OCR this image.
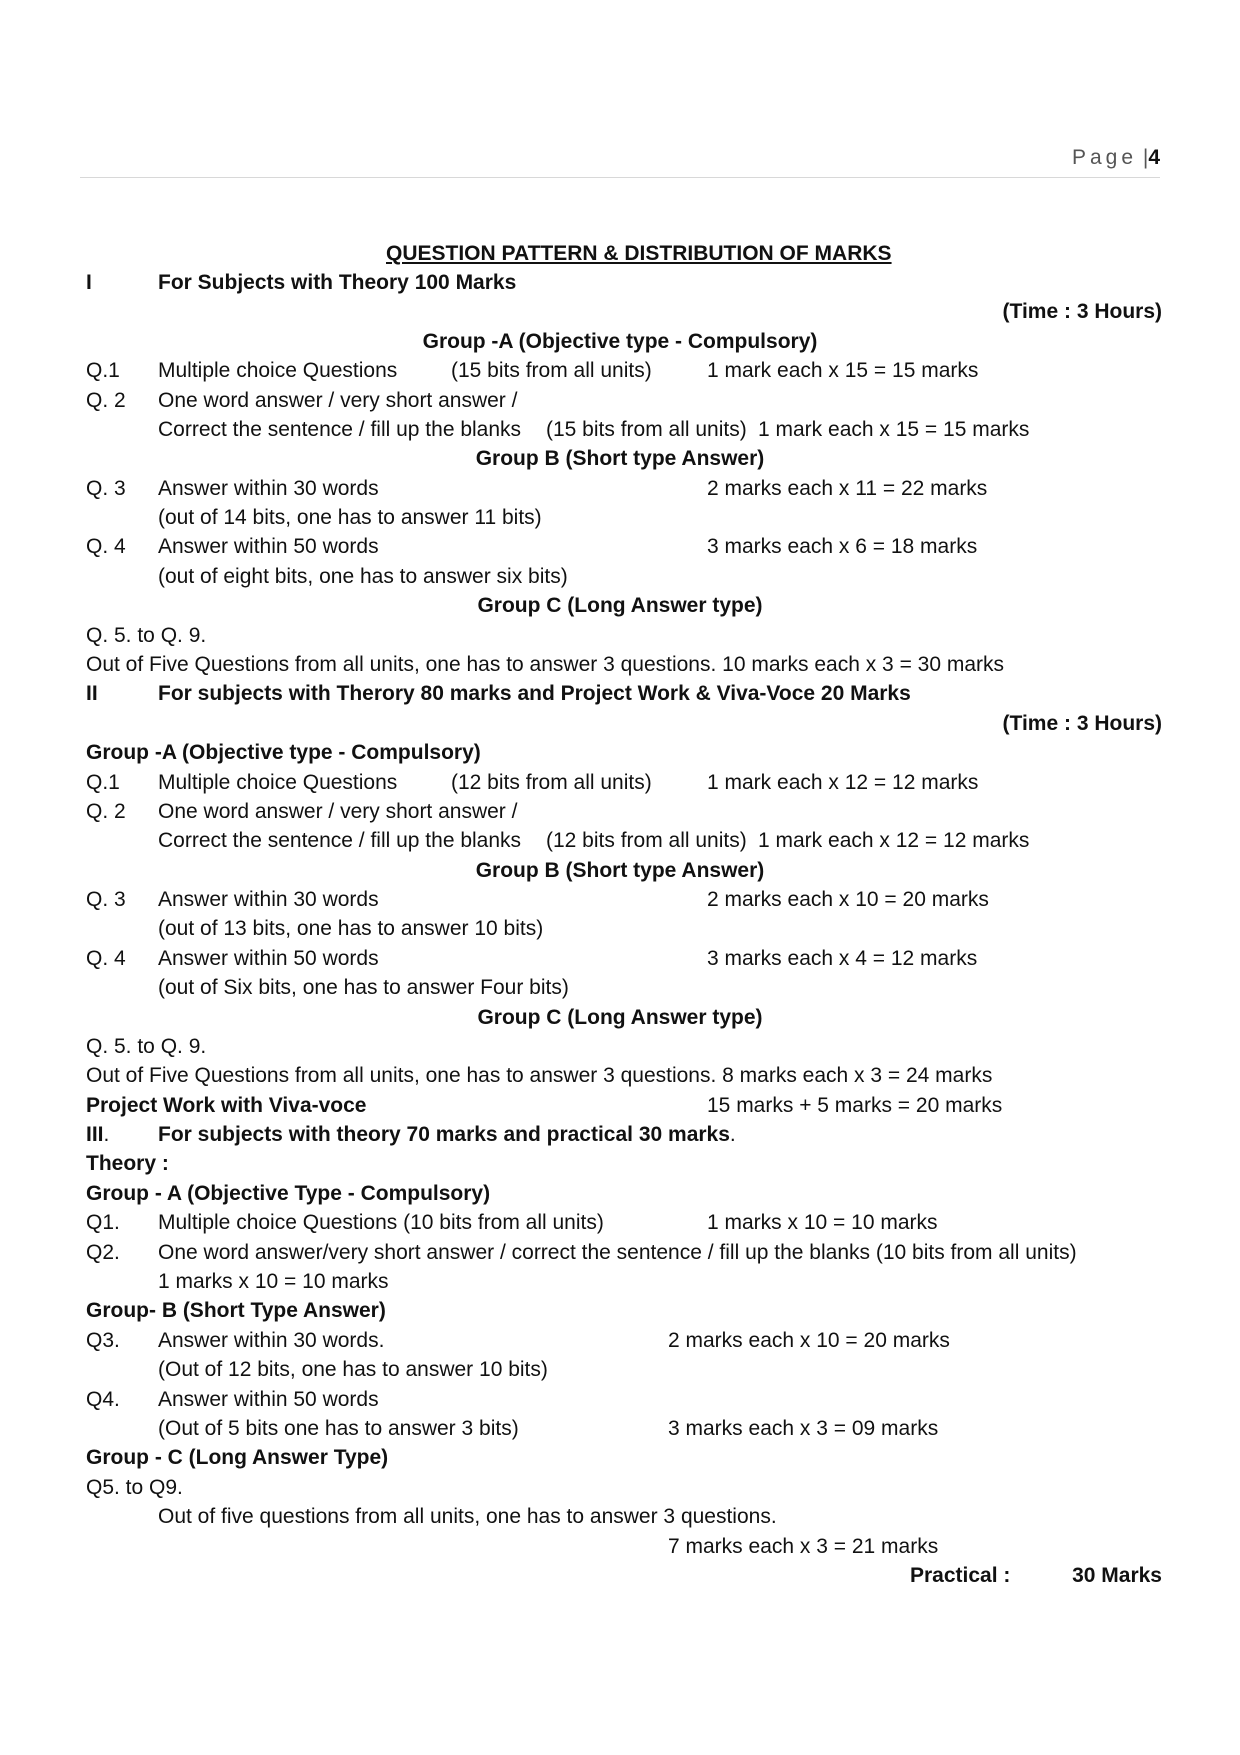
Page |4
QUESTION PATTERN & DISTRIBUTION OF MARKS
I	For Subjects with Theory 100 Marks
(Time : 3 Hours)
Group -A (Objective type - Compulsory)
Q.1 Multiple choice Questions	(15 bits from all units)	1 mark each x 15 = 15 marks
Q. 2 One word answer / very short answer /
Correct the sentence / fill up the blanks (15 bits from all units) 1 mark each x 15 = 15 marks
Group B (Short type Answer)
Q. 3 Answer within 30 words	2 marks each x 11 = 22 marks
(out of 14 bits, one has to answer 11 bits)
Q. 4 Answer within 50 words	3 marks each x 6 = 18 marks
(out of eight bits, one has to answer six bits)
Group C (Long Answer type)
Q. 5. to Q. 9.
Out of Five Questions from all units, one has to answer 3 questions. 10 marks each x 3 = 30 marks
II	For subjects with Therory 80 marks and Project Work & Viva-Voce 20 Marks
(Time : 3 Hours)
Group -A (Objective type - Compulsory)
Q.1 Multiple choice Questions	(12 bits from all units)	1 mark each x 12 = 12 marks
Q. 2 One word answer / very short answer /
Correct the sentence / fill up the blanks (12 bits from all units) 1 mark each x 12 = 12 marks
Group B (Short type Answer)
Q. 3 Answer within 30 words	2 marks each x 10 = 20 marks
(out of 13 bits, one has to answer 10 bits)
Q. 4 Answer within 50 words	3 marks each x 4 = 12 marks
(out of Six bits, one has to answer Four bits)
Group C (Long Answer type)
Q. 5. to Q. 9.
Out of Five Questions from all units, one has to answer 3 questions. 8 marks each x 3 = 24 marks
Project Work with Viva-voce	15 marks + 5 marks = 20 marks
III. For subjects with theory 70 marks and practical 30 marks.
Theory :
Group - A (Objective Type - Compulsory)
Q1. Multiple choice Questions (10 bits from all units)	1 marks x 10 = 10 marks
Q2. One word answer/very short answer / correct the sentence / fill up the blanks (10 bits from all units)
1 marks x 10 = 10 marks
Group- B (Short Type Answer)
Q3. Answer within 30 words.	2 marks each x 10 = 20 marks
(Out of 12 bits, one has to answer 10 bits)
Q4. Answer within 50 words
(Out of 5 bits one has to answer 3 bits)	3 marks each x 3 = 09 marks
Group - C (Long Answer Type)
Q5. to Q9.
Out of five questions from all units, one has to answer 3 questions.
7 marks each x 3 = 21 marks
Practical :	30 Marks
